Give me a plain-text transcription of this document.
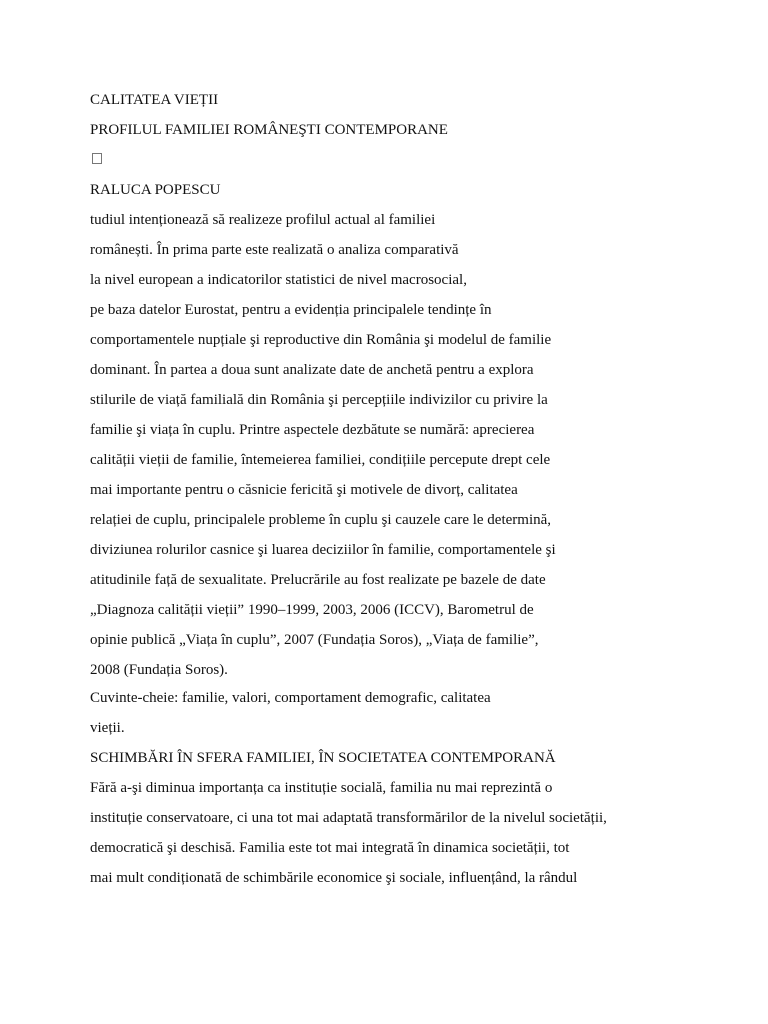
CALITATEA VIEȚII
PROFILUL FAMILIEI ROMÂNEŞTI CONTEMPORANE
RALUCA POPESCU
tudiul intenționează să realizeze profilul actual al familiei
românești. În prima parte este realizată o analiza comparativă
la nivel european a indicatorilor statistici de nivel macrosocial,
pe baza datelor Eurostat, pentru a evidenția principalele tendințe în
comportamentele nupțiale şi reproductive din România şi modelul de familie
dominant. În partea a doua sunt analizate date de anchetă pentru a explora
stilurile de viață familială din România şi percepțiile indivizilor cu privire la
familie şi viața în cuplu. Printre aspectele dezbătute se numără: aprecierea
calității vieții de familie, întemeierea familiei, condițiile percepute drept cele
mai importante pentru o căsnicie fericită şi motivele de divorț, calitatea
relației de cuplu, principalele probleme în cuplu şi cauzele care le determină,
diviziunea rolurilor casnice şi luarea deciziilor în familie, comportamentele şi
atitudinile față de sexualitate. Prelucrările au fost realizate pe bazele de date
„Diagnoza calității vieții” 1990–1999, 2003, 2006 (ICCV), Barometrul de
opinie publică „Viața în cuplu”, 2007 (Fundația Soros), „Viața de familie”,
2008 (Fundația Soros).
Cuvinte-cheie: familie, valori, comportament demografic, calitatea
vieții.
SCHIMBĂRI ÎN SFERA FAMILIEI, ÎN SOCIETATEA CONTEMPORANĂ
Fără a-şi diminua importanța ca instituție socială, familia nu mai reprezintă o
instituție conservatoare, ci una tot mai adaptată transformărilor de la nivelul societății,
democratică şi deschisă. Familia este tot mai integrată în dinamica societății, tot
mai mult condiționată de schimbările economice şi sociale, influențând, la rândul
